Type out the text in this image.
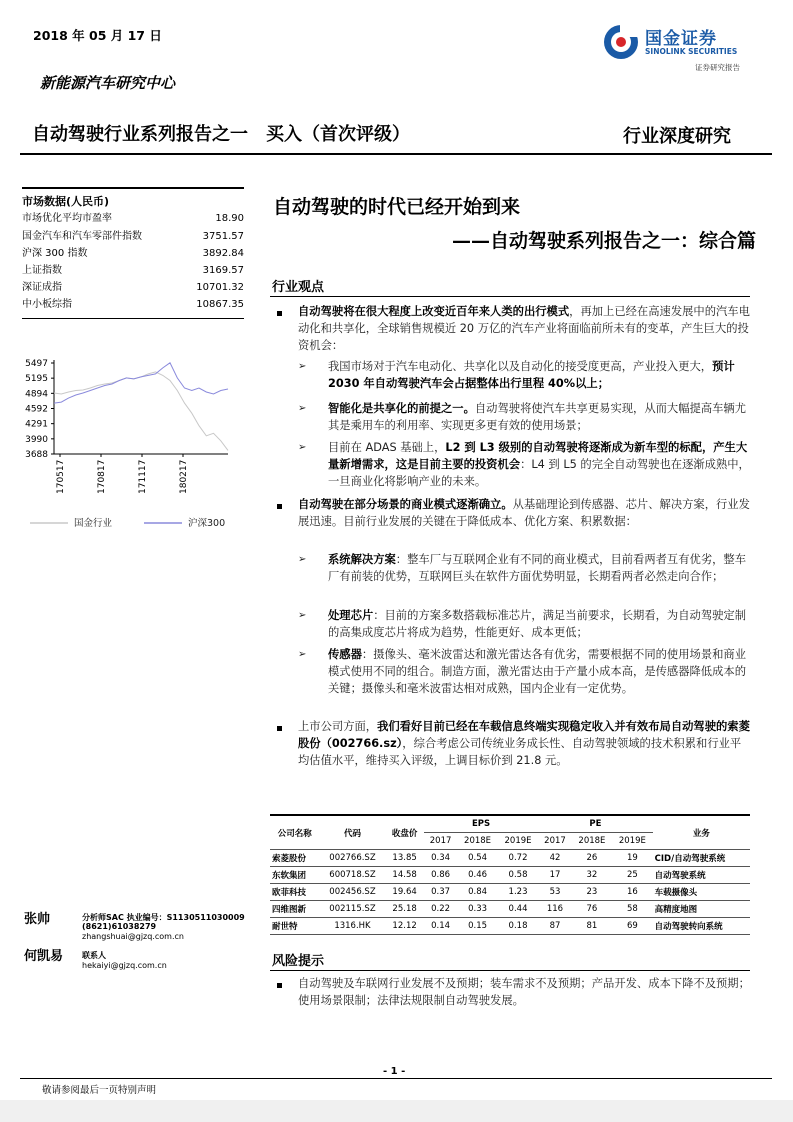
2018 年 05 月 17 日	国金证券
SINOLINK SECURITIES
证券研究报告
新能源汽车研究中心
自动驾驶行业系列报告之一 买入（首次评级）	行业深度研究
市场数据(人民币)
市场优化平均市盈率	18.90
国金汽车和汽车零部件指数	3751.57
沪深 300 指数	3892.84
上证指数	3169.57
深证成指	10701.32
中小板综指	10867.35
5497
5195
4894
4592
4291
3990
3688
170517	170817	171117	180217
国金行业	沪深300
张帅	分析师SAC 执业编号：S1130511030009
(8621)61038279
zhangshuai@gjzq.com.cn
何凯易 联系人
hekaiyi@gjzq.com.cn
自动驾驶的时代已经开始到来
——自动驾驶系列报告之一：综合篇
行业观点
自动驾驶将在很大程度上改变近百年来人类的出行模式，再加上已经在高速发展中的汽车电动化和共享化，全球销售规模近 20 万亿的汽车产业将面临前所未有的变革，产生巨大的投资机会：
➢ 我国市场对于汽车电动化、共享化以及自动化的接受度更高，产业投入更大，预计 2030 年自动驾驶汽车会占据整体出行里程 40%以上；
➢ 智能化是共享化的前提之一。自动驾驶将使汽车共享更易实现，从而大幅提高车辆尤其是乘用车的利用率、实现更多更有效的使用场景；
➢ 目前在 ADAS 基础上，L2 到 L3 级别的自动驾驶将逐渐成为新车型的标配，产生大量新增需求，这是目前主要的投资机会：L4 到 L5 的完全自动驾驶也在逐渐成熟中，一旦商业化将影响产业的未来。
自动驾驶在部分场景的商业模式逐渐确立。从基础理论到传感器、芯片、解决方案，行业发展迅速。目前行业发展的关键在于降低成本、优化方案、积累数据：
➢ 系统解决方案：整车厂与互联网企业有不同的商业模式，目前看两者互有优劣，整车厂有前装的优势，互联网巨头在软件方面优势明显，长期看两者必然走向合作；
➢ 处理芯片：目前的方案多数搭载标准芯片，满足当前要求，长期看，为自动驾驶定制的高集成度芯片将成为趋势，性能更好、成本更低；
➢ 传感器：摄像头、毫米波雷达和激光雷达各有优劣，需要根据不同的使用场景和商业模式使用不同的组合。制造方面，激光雷达由于产量小成本高，是传感器降低成本的关键；摄像头和毫米波雷达相对成熟，国内企业有一定优势。
上市公司方面，我们看好目前已经在车载信息终端实现稳定收入并有效布局自动驾驶的索菱股份（002766.sz），综合考虑公司传统业务成长性、自动驾驶领域的技术积累和行业平均估值水平，维持买入评级，上调目标价到 21.8 元。
公司名称	代码	收盘价	EPS			PE			业务
			2017	2018E	2019E	2017	2018E	2019E	
索菱股份	002766.SZ	13.85	0.34	0.54	0.72	42	26	19	CID/自动驾驶系统
东软集团	600718.SZ	14.58	0.86	0.46	0.58	17	32	25	自动驾驶系统
欧菲科技	002456.SZ	19.64	0.37	0.84	1.23	53	23	16	车载摄像头
四维图新	002115.SZ	25.18	0.22	0.33	0.44	116	76	58	高精度地图
耐世特	1316.HK	12.12	0.14	0.15	0.18	87	81	69	自动驾驶转向系统
风险提示
自动驾驶及车联网行业发展不及预期；装车需求不及预期；产品开发、成本下降不及预期；使用场景限制；法律法规限制自动驾驶发展。
- 1 -
敬请参阅最后一页特别声明
